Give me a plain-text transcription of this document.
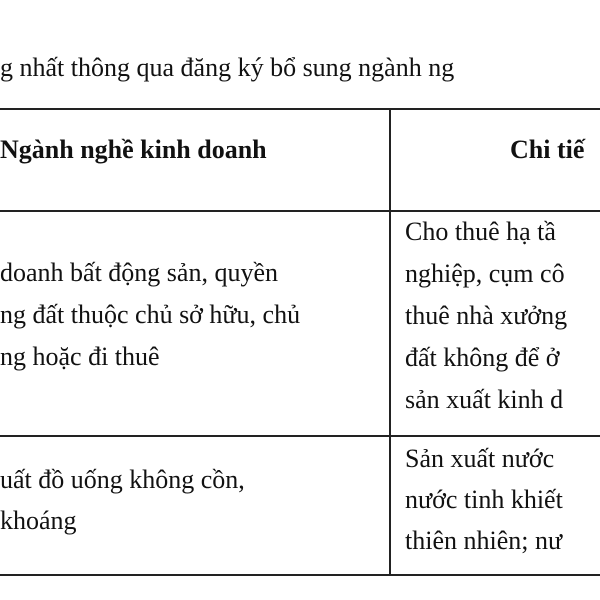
g nhất thông qua đăng ký bổ sung ngành ng
Ngành nghề kinh doanh	Chi tiế
doanh bất động sản, quyền
ng đất thuộc chủ sở hữu, chủ
ng hoặc đi thuê
Cho thuê hạ tầ
nghiệp, cụm cô
thuê nhà xưởng
đất không để ở
sản xuất kinh d
uất đồ uống không cồn,
khoáng
Sản xuất nước
nước tinh khiết
thiên nhiên; nư
